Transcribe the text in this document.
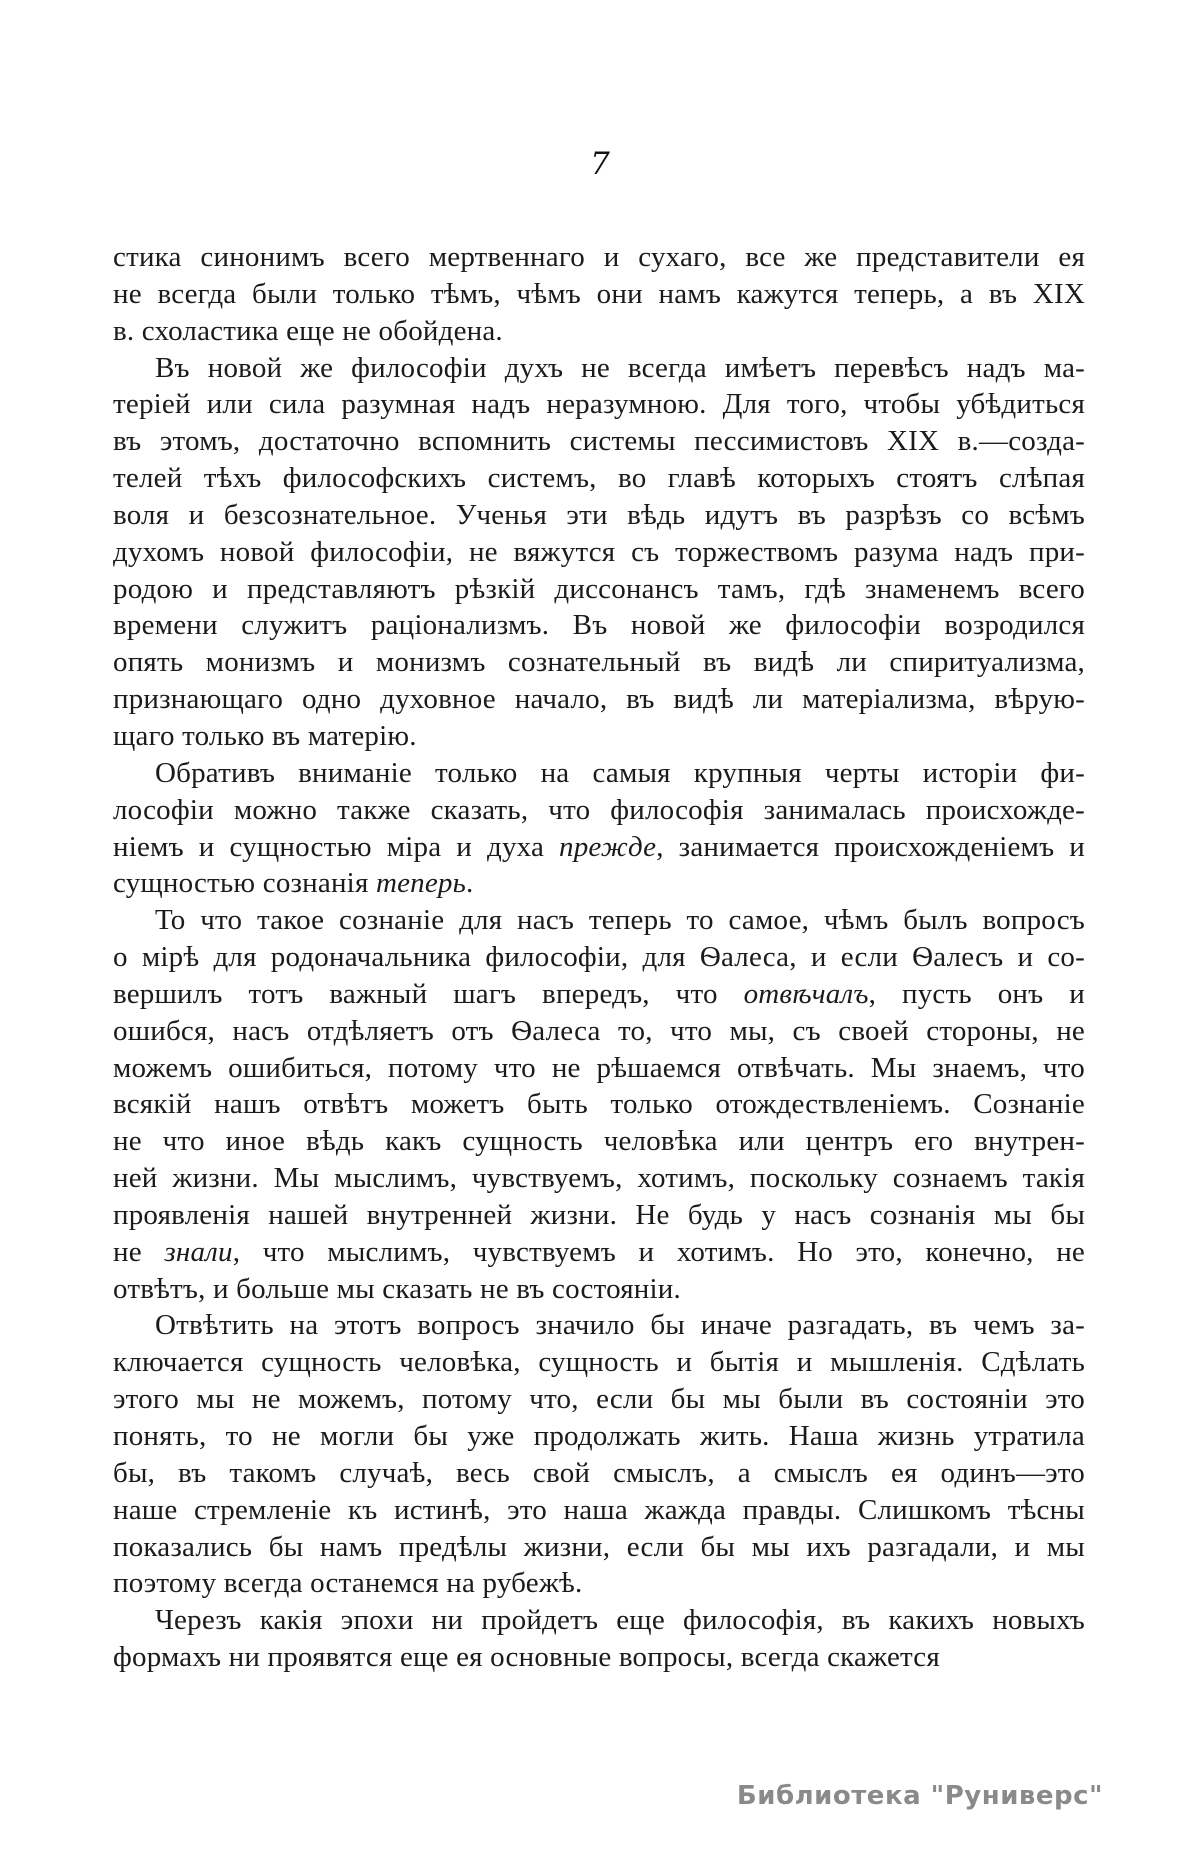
7
стика синонимъ всего мертвеннаго и сухаго, все же представители ея
не всегда были только тѣмъ, чѣмъ они намъ кажутся теперь, а въ XIX
в. схоластика еще не обойдена.
Въ новой же философіи духъ не всегда имѣетъ перевѣсъ надъ ма-
теріей или сила разумная надъ неразумною. Для того, чтобы убѣдиться
въ этомъ, достаточно вспомнить системы пессимистовъ XIX в.—созда-
телей тѣхъ философскихъ системъ, во главѣ которыхъ стоятъ слѣпая
воля и безсознательное. Ученья эти вѣдь идутъ въ разрѣзъ со всѣмъ
духомъ новой философіи, не вяжутся съ торжествомъ разума надъ при-
родою и представляютъ рѣзкій диссонансъ тамъ, гдѣ знаменемъ всего
времени служитъ раціонализмъ. Въ новой же философіи возродился
опять монизмъ и монизмъ сознательный въ видѣ ли спиритуализма,
признающаго одно духовное начало, въ видѣ ли матеріализма, вѣрую-
щаго только въ матерію.
Обративъ вниманіе только на самыя крупныя черты исторіи фи-
лософіи можно также сказать, что философія занималась происхожде-
ніемъ и сущностью міра и духа прежде, занимается происхожденіемъ и
сущностью сознанія теперь.
То что такое сознаніе для насъ теперь то самое, чѣмъ былъ вопросъ
о мірѣ для родоначальника философіи, для Ѳалеса, и если Ѳалесъ и со-
вершилъ тотъ важный шагъ впередъ, что отвѣчалъ, пусть онъ и
ошибся, насъ отдѣляетъ отъ Ѳалеса то, что мы, съ своей стороны, не
можемъ ошибиться, потому что не рѣшаемся отвѣчать. Мы знаемъ, что
всякій нашъ отвѣтъ можетъ быть только отождествленіемъ. Сознаніе
не что иное вѣдь какъ сущность человѣка или центръ его внутрен-
ней жизни. Мы мыслимъ, чувствуемъ, хотимъ, поскольку сознаемъ такія
проявленія нашей внутренней жизни. Не будь у насъ сознанія мы бы
не знали, что мыслимъ, чувствуемъ и хотимъ. Но это, конечно, не
отвѣтъ, и больше мы сказать не въ состояніи.
Отвѣтить на этотъ вопросъ значило бы иначе разгадать, въ чемъ за-
ключается сущность человѣка, сущность и бытія и мышленія. Сдѣлать
этого мы не можемъ, потому что, если бы мы были въ состояніи это
понять, то не могли бы уже продолжать жить. Наша жизнь утратила
бы, въ такомъ случаѣ, весь свой смыслъ, а смыслъ ея одинъ—это
наше стремленіе къ истинѣ, это наша жажда правды. Слишкомъ тѣсны
показались бы намъ предѣлы жизни, если бы мы ихъ разгадали, и мы
поэтому всегда останемся на рубежѣ.
Черезъ какія эпохи ни пройдетъ еще философія, въ какихъ новыхъ
формахъ ни проявятся еще ея основные вопросы, всегда скажется
Библиотека "Руниверс"
